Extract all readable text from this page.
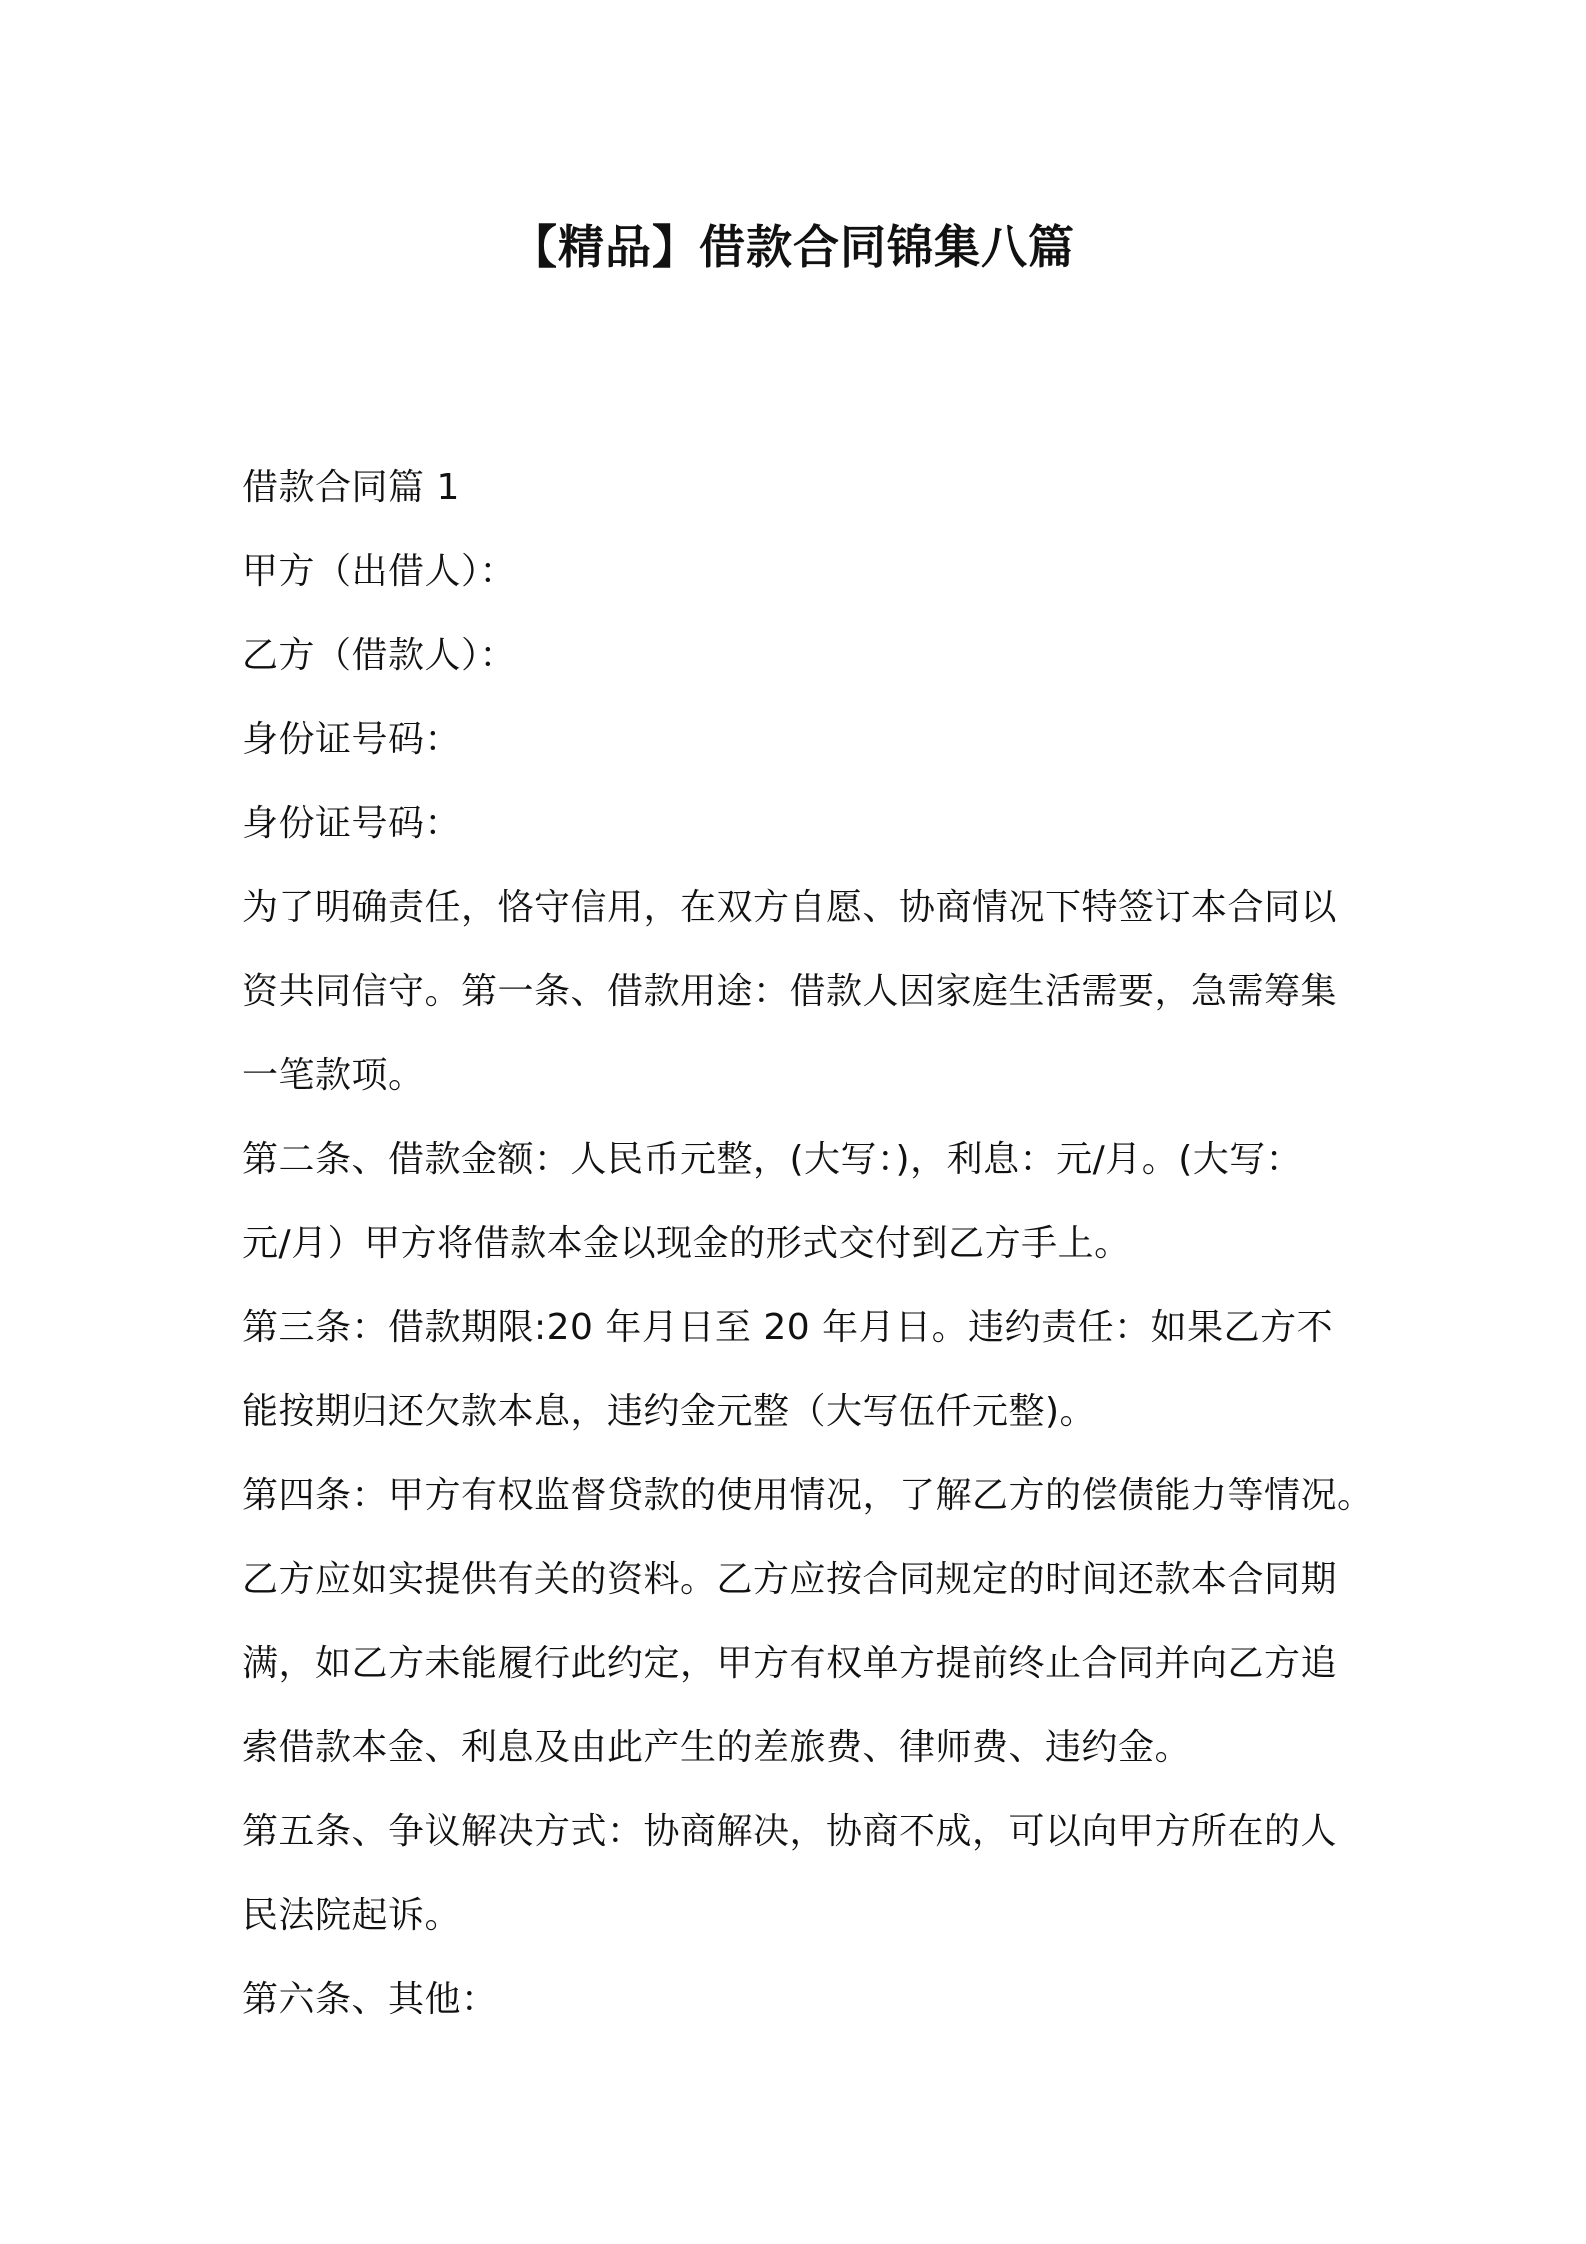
【精品】借款合同锦集八篇
借款合同篇 1
甲方（出借人）：
乙方（借款人）：
身份证号码：
身份证号码：
为了明确责任，恪守信用，在双方自愿、协商情况下特签订本合同以
资共同信守。第一条、借款用途：借款人因家庭生活需要，急需筹集
一笔款项。
第二条、借款金额：人民币元整，(大写：)，利息：元/月。(大写：
元/月）甲方将借款本金以现金的形式交付到乙方手上。
第三条：借款期限:20 年月日至 20 年月日。违约责任：如果乙方不
能按期归还欠款本息，违约金元整（大写伍仟元整)。
第四条：甲方有权监督贷款的使用情况，了解乙方的偿债能力等情况。
乙方应如实提供有关的资料。乙方应按合同规定的时间还款本合同期
满，如乙方未能履行此约定，甲方有权单方提前终止合同并向乙方追
索借款本金、利息及由此产生的差旅费、律师费、违约金。
第五条、争议解决方式：协商解决，协商不成，可以向甲方所在的人
民法院起诉。
第六条、其他：
